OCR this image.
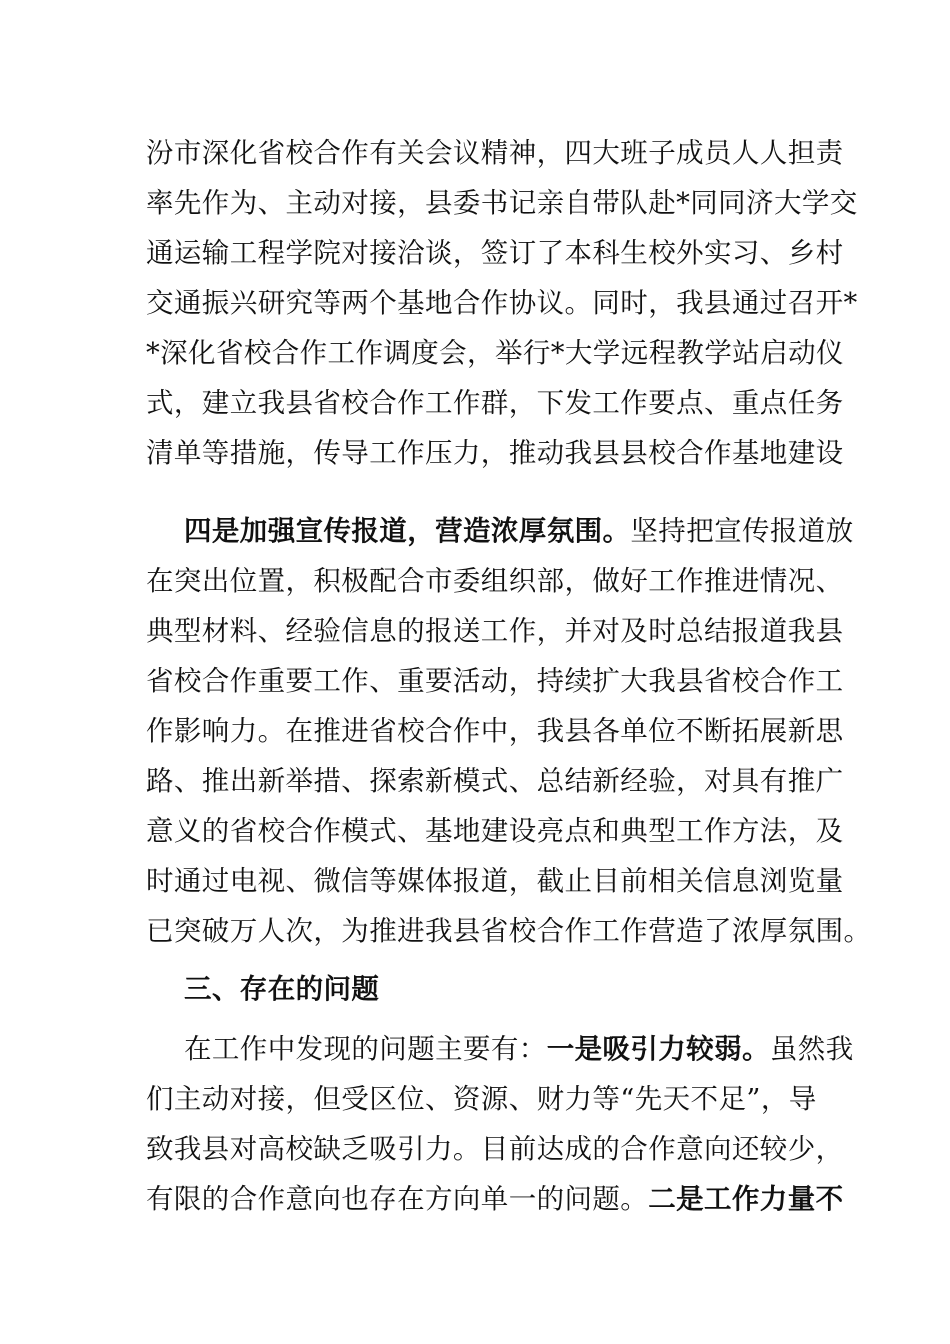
汾市深化省校合作有关会议精神，四大班子成员人人担责
率先作为、主动对接，县委书记亲自带队赴*同同济大学交
通运输工程学院对接洽谈，签订了本科生校外实习、乡村
交通振兴研究等两个基地合作协议。同时，我县通过召开*
*深化省校合作工作调度会，举行*大学远程教学站启动仪
式，建立我县省校合作工作群，下发工作要点、重点任务
清单等措施，传导工作压力，推动我县县校合作基地建设
四是加强宣传报道，营造浓厚氛围。坚持把宣传报道放
在突出位置，积极配合市委组织部，做好工作推进情况、
典型材料、经验信息的报送工作，并对及时总结报道我县
省校合作重要工作、重要活动，持续扩大我县省校合作工
作影响力。在推进省校合作中，我县各单位不断拓展新思
路、推出新举措、探索新模式、总结新经验，对具有推广
意义的省校合作模式、基地建设亮点和典型工作方法，及
时通过电视、微信等媒体报道，截止目前相关信息浏览量
已突破万人次，为推进我县省校合作工作营造了浓厚氛围。
三、存在的问题
在工作中发现的问题主要有：一是吸引力较弱。虽然我
们主动对接，但受区位、资源、财力等“先天不足”，导
致我县对高校缺乏吸引力。目前达成的合作意向还较少，
有限的合作意向也存在方向单一的问题。二是工作力量不
